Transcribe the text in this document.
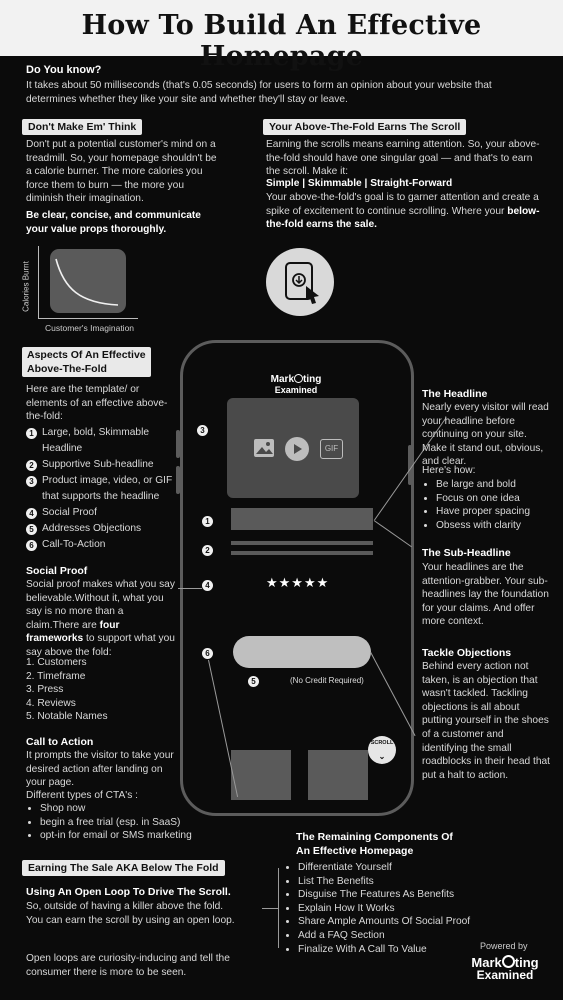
How To Build An Effective Homepage
Do You know?
It takes about 50 milliseconds (that's 0.05 seconds) for users to form an opinion about your website that determines whether they like your site and whether they'll stay or leave.
Don't Make Em' Think
Don't put a potential customer's mind on a treadmill. So, your homepage shouldn't be a calorie burner. The more calories you force them to burn — the more you diminish their imagination.
Be clear, concise, and communicate your value props thoroughly.
Calories Burnt
Customer's Imagination
Your Above-The-Fold Earns The Scroll
Earning the scrolls means earning attention. So, your above-the-fold should have one singular goal — and that's to earn the scroll. Make it:
Simple | Skimmable | Straight-Forward
Your above-the-fold's goal is to garner attention and create a spike of excitement to continue scrolling. Where your below-the-fold earns the sale.
Mark ting
Examined
GIF
★★★★★
(No Credit Required)
SCROLL
⌄
3
1
2
4
6
5
Aspects Of An Effective
Above-The-Fold
Here are the template/ or elements of an effective above-the-fold:
1 Large, bold, Skimmable Headline
2 Supportive Sub-headline
3 Product image, video, or GIF that supports the headline
4 Social Proof
5 Addresses Objections
6 Call-To-Action
Social Proof
Social proof makes what you say believable.Without it, what you say is no more than a claim.There are four frameworks to support what you say above the fold:
1. Customers
2. Timeframe
3. Press
4. Reviews
5. Notable Names
Call to Action
It prompts the visitor to take your desired action after landing on your page.
Different types of CTA's :
• Shop now
• begin a free trial (esp. in SaaS)
• opt-in for email or SMS marketing
The Headline
Nearly every visitor will read your headline before continuing on your site. Make it stand out, obvious, and clear.
Here's how:
• Be large and bold
• Focus on one idea
• Have proper spacing
• Obsess with clarity
The Sub-Headline
Your headlines are the attention-grabber. Your sub-headlines lay the foundation for your claims. And offer more context.
Tackle Objections
Behind every action not taken, is an objection that wasn't tackled. Tackling objections is all about putting yourself in the shoes of a customer and identifying the small roadblocks in their head that put a halt to action.
Earning The Sale AKA Below The Fold
Using An Open Loop To Drive The Scroll.
So, outside of having a killer above the fold. You can earn the scroll by using an open loop.
Open loops are curiosity-inducing and tell the consumer there is more to be seen.
The Remaining Components Of
An Effective Homepage
• Differentiate Yourself
• List The Benefits
• Disguise The Features As Benefits
• Explain How It Works
• Share Ample Amounts Of Social Proof
• Add a FAQ Section
• Finalize With A Call To Value	Powered by
Mark ting
Examined
